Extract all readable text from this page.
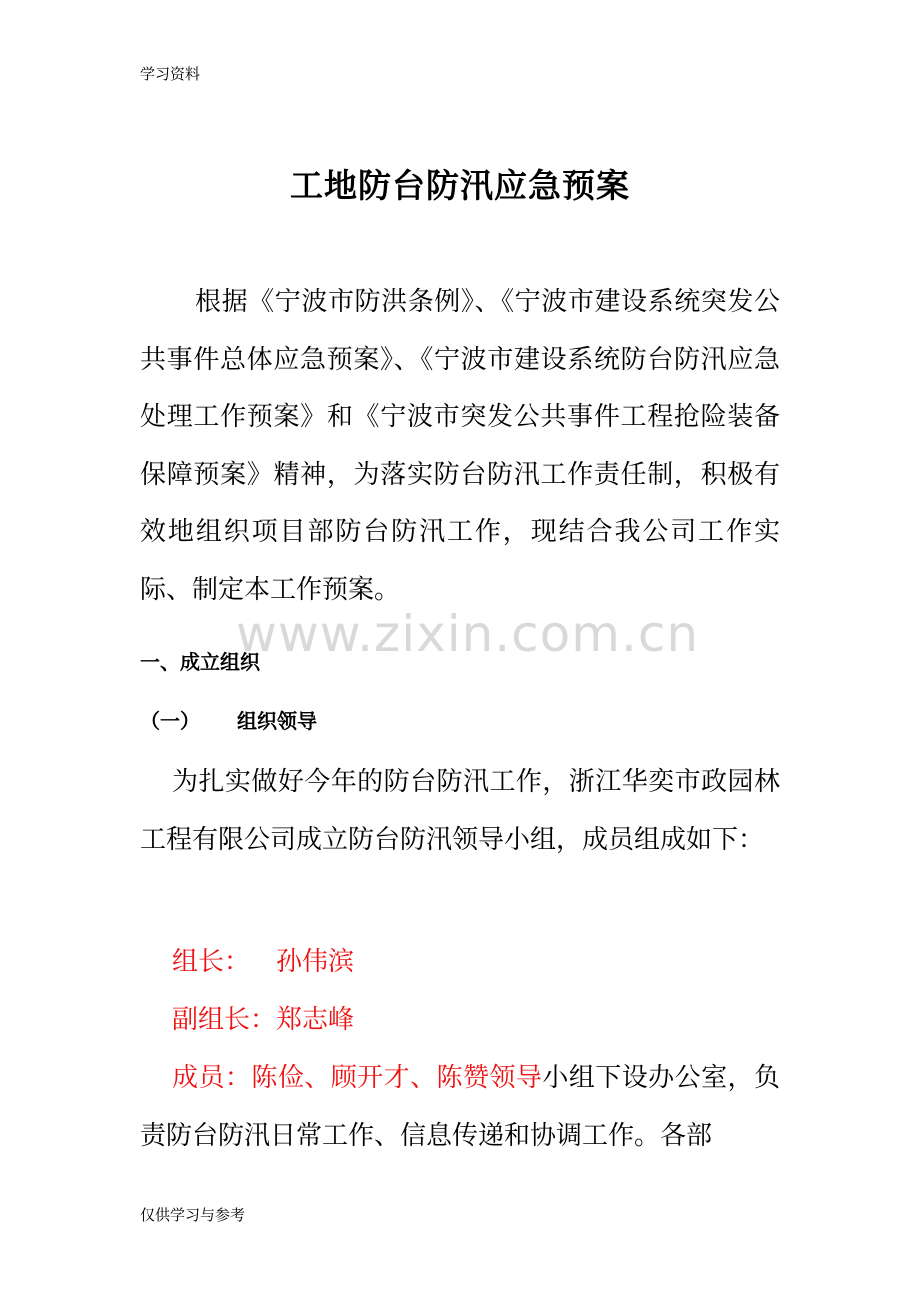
学习资料
工地防台防汛应急预案
根据《宁波市防洪条例》、《宁波市建设系统突发公共事件总体应急预案》、《宁波市建设系统防台防汛应急处理工作预案》和《宁波市突发公共事件工程抢险装备保障预案》精神，为落实防台防汛工作责任制，积极有效地组织项目部防台防汛工作，现结合我公司工作实际、制定本工作预案。
一、成立组织
（一） 组织领导
为扎实做好今年的防台防汛工作，浙江华奕市政园林工程有限公司成立防台防汛领导小组，成员组成如下：
组长： 孙伟滨
副组长：郑志峰
成员：陈俭、顾开才、陈赞领导小组下设办公室，负责防台防汛日常工作、信息传递和协调工作。各部
www.zixin.com.cn
仅供学习与参考
